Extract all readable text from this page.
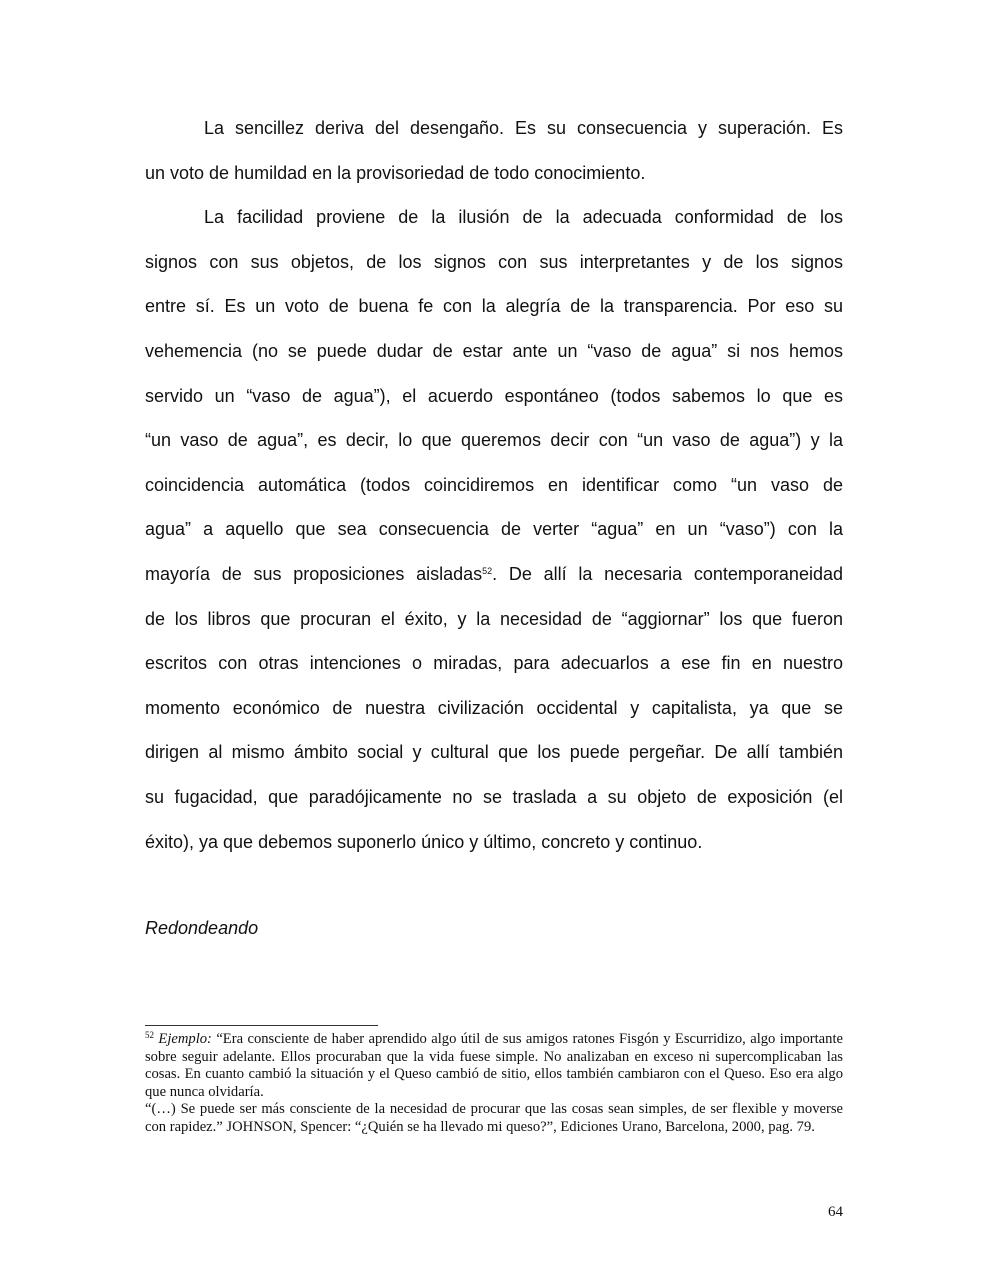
La sencillez deriva del desengaño. Es su consecuencia y superación. Es
un voto de humildad en la provisoriedad de todo conocimiento.
La facilidad proviene de la ilusión de la adecuada conformidad de los
signos con sus objetos, de los signos con sus interpretantes y de los signos
entre sí. Es un voto de buena fe con la alegría de la transparencia. Por eso su
vehemencia (no se puede dudar de estar ante un “vaso de agua” si nos hemos
servido un “vaso de agua”), el acuerdo espontáneo (todos sabemos lo que es
“un vaso de agua”, es decir, lo que queremos decir con “un vaso de agua”) y la
coincidencia automática (todos coincidiremos en identificar como “un vaso de
agua” a aquello que sea consecuencia de verter “agua” en un “vaso”) con la
mayoría de sus proposiciones aisladas$^{52}$. De allí la necesaria contemporaneidad
de los libros que procuran el éxito, y la necesidad de “aggiornar” los que fueron
escritos con otras intenciones o miradas, para adecuarlos a ese fin en nuestro
momento económico de nuestra civilización occidental y capitalista, ya que se
dirigen al mismo ámbito social y cultural que los puede pergeñar. De allí también
su fugacidad, que paradójicamente no se traslada a su objeto de exposición (el
éxito), ya que debemos suponerlo único y último, concreto y continuo.
Redondeando

$^{52}$ Ejemplo: “Era consciente de haber aprendido algo útil de sus amigos ratones Fisgón y Escurridizo, algo importante sobre seguir adelante. Ellos procuraban que la vida fuese simple. No analizaban en exceso ni supercomplicaban las cosas. En cuanto cambió la situación y el Queso cambió de sitio, ellos también cambiaron con el Queso. Eso era algo que nunca olvidaría.

“(…) Se puede ser más consciente de la necesidad de procurar que las cosas sean simples, de ser flexible y moverse con rapidez.” JOHNSON, Spencer: “¿Quién se ha llevado mi queso?”, Ediciones Urano, Barcelona, 2000, pag. 79.

64
